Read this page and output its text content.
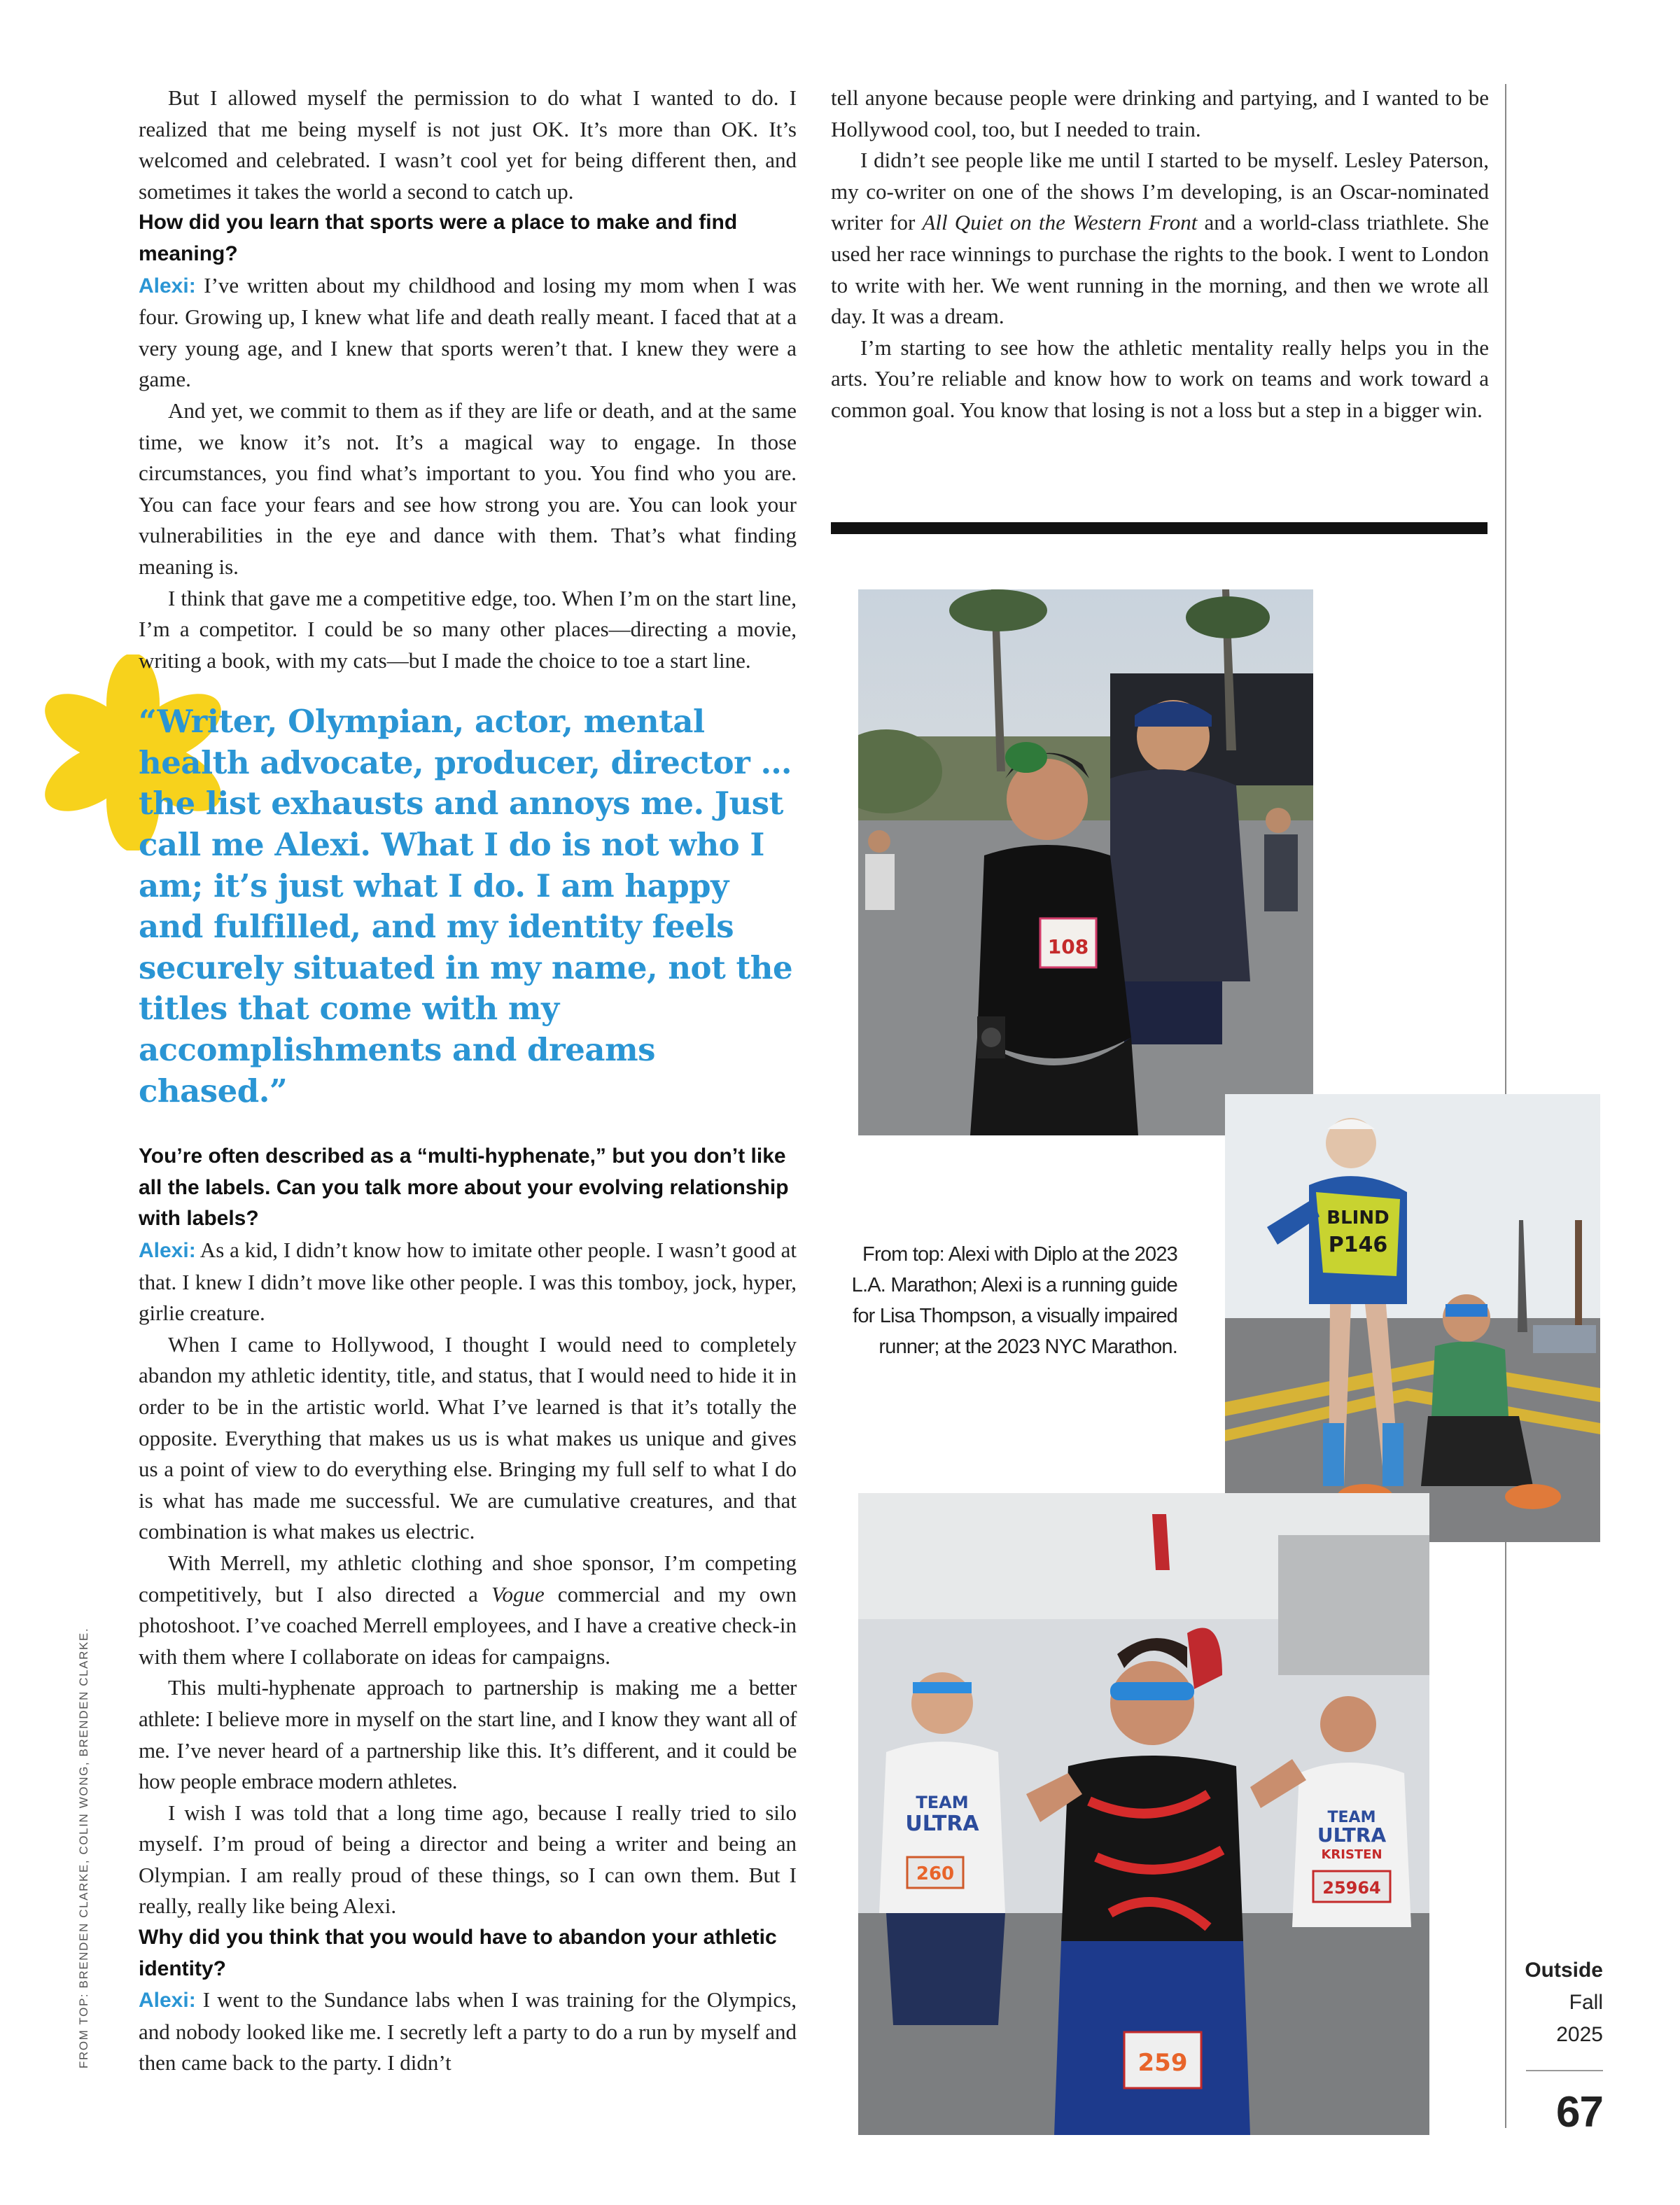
But I allowed myself the permission to do what I wanted to do. I realized that me being myself is not just OK. It’s more than OK. It’s welcomed and celebrated. I wasn’t cool yet for being different then, and sometimes it takes the world a second to catch up.

How did you learn that sports were a place to make and find meaning?

Alexi: I’ve written about my childhood and losing my mom when I was four. Growing up, I knew what life and death really meant. I faced that at a very young age, and I knew that sports weren’t that. I knew they were a game.

And yet, we commit to them as if they are life or death, and at the same time, we know it’s not. It’s a magical way to engage. In those circumstances, you find what’s important to you. You find who you are. You can face your fears and see how strong you are. You can look your vulnerabilities in the eye and dance with them. That’s what finding meaning is.

I think that gave me a competitive edge, too. When I’m on the start line, I’m a competitor. I could be so many other places—directing a movie, writing a book, with my cats—but I made the choice to toe a start line.

“Writer, Olympian, actor, mental health advocate, producer, director … the list exhausts and annoys me. Just call me Alexi. What I do is not who I am; it’s just what I do. I am happy and fulfilled, and my identity feels securely situated in my name, not the titles that come with my accomplishments and dreams chased.”

You’re often described as a “multi-hyphenate,” but you don’t like all the labels. Can you talk more about your evolving relationship with labels?

Alexi: As a kid, I didn’t know how to imitate other people. I wasn’t good at that. I knew I didn’t move like other people. I was this tomboy, jock, hyper, girlie creature.

When I came to Hollywood, I thought I would need to completely abandon my athletic identity, title, and status, that I would need to hide it in order to be in the artistic world. What I’ve learned is that it’s totally the opposite. Everything that makes us us is what makes us unique and gives us a point of view to do everything else. Bringing my full self to what I do is what has made me successful. We are cumulative creatures, and that combination is what makes us electric.

With Merrell, my athletic clothing and shoe sponsor, I’m competing competitively, but I also directed a Vogue commercial and my own photoshoot. I’ve coached Merrell employees, and I have a creative check-in with them where I collaborate on ideas for campaigns.

This multi-hyphenate approach to partnership is making me a better athlete: I believe more in myself on the start line, and I know they want all of me. I’ve never heard of a partnership like this. It’s different, and it could be how people embrace modern athletes.

I wish I was told that a long time ago, because I really tried to silo myself. I’m proud of being a director and being a writer and being an Olympian. I am really proud of these things, so I can own them. But I really, really like being Alexi.

Why did you think that you would have to abandon your athletic identity?

Alexi: I went to the Sundance labs when I was training for the Olympics, and nobody looked like me. I secretly left a party to do a run by myself and then came back to the party. I didn’t

tell anyone because people were drinking and partying, and I wanted to be Hollywood cool, too, but I needed to train.

I didn’t see people like me until I started to be myself. Lesley Paterson, my co-writer on one of the shows I’m developing, is an Oscar-nominated writer for All Quiet on the Western Front and a world-class triathlete. She used her race winnings to purchase the rights to the book. I went to London to write with her. We went running in the morning, and then we wrote all day. It was a dream.

I’m starting to see how the athletic mentality really helps you in the arts. You’re reliable and know how to work on teams and work toward a common goal. You know that losing is not a loss but a step in a bigger win.

108
BLIND
P146
TEAM
ULTRA
260
TEAM
ULTRA
KRISTEN
25964
259
From top: Alexi with Diplo at the 2023 L.A. Marathon; Alexi is a running guide for Lisa Thompson, a visually impaired runner; at the 2023 NYC Marathon.
FROM TOP: BRENDEN CLARKE, COLIN WONG, BRENDEN CLARKE.	Outside
Fall
2025
67
